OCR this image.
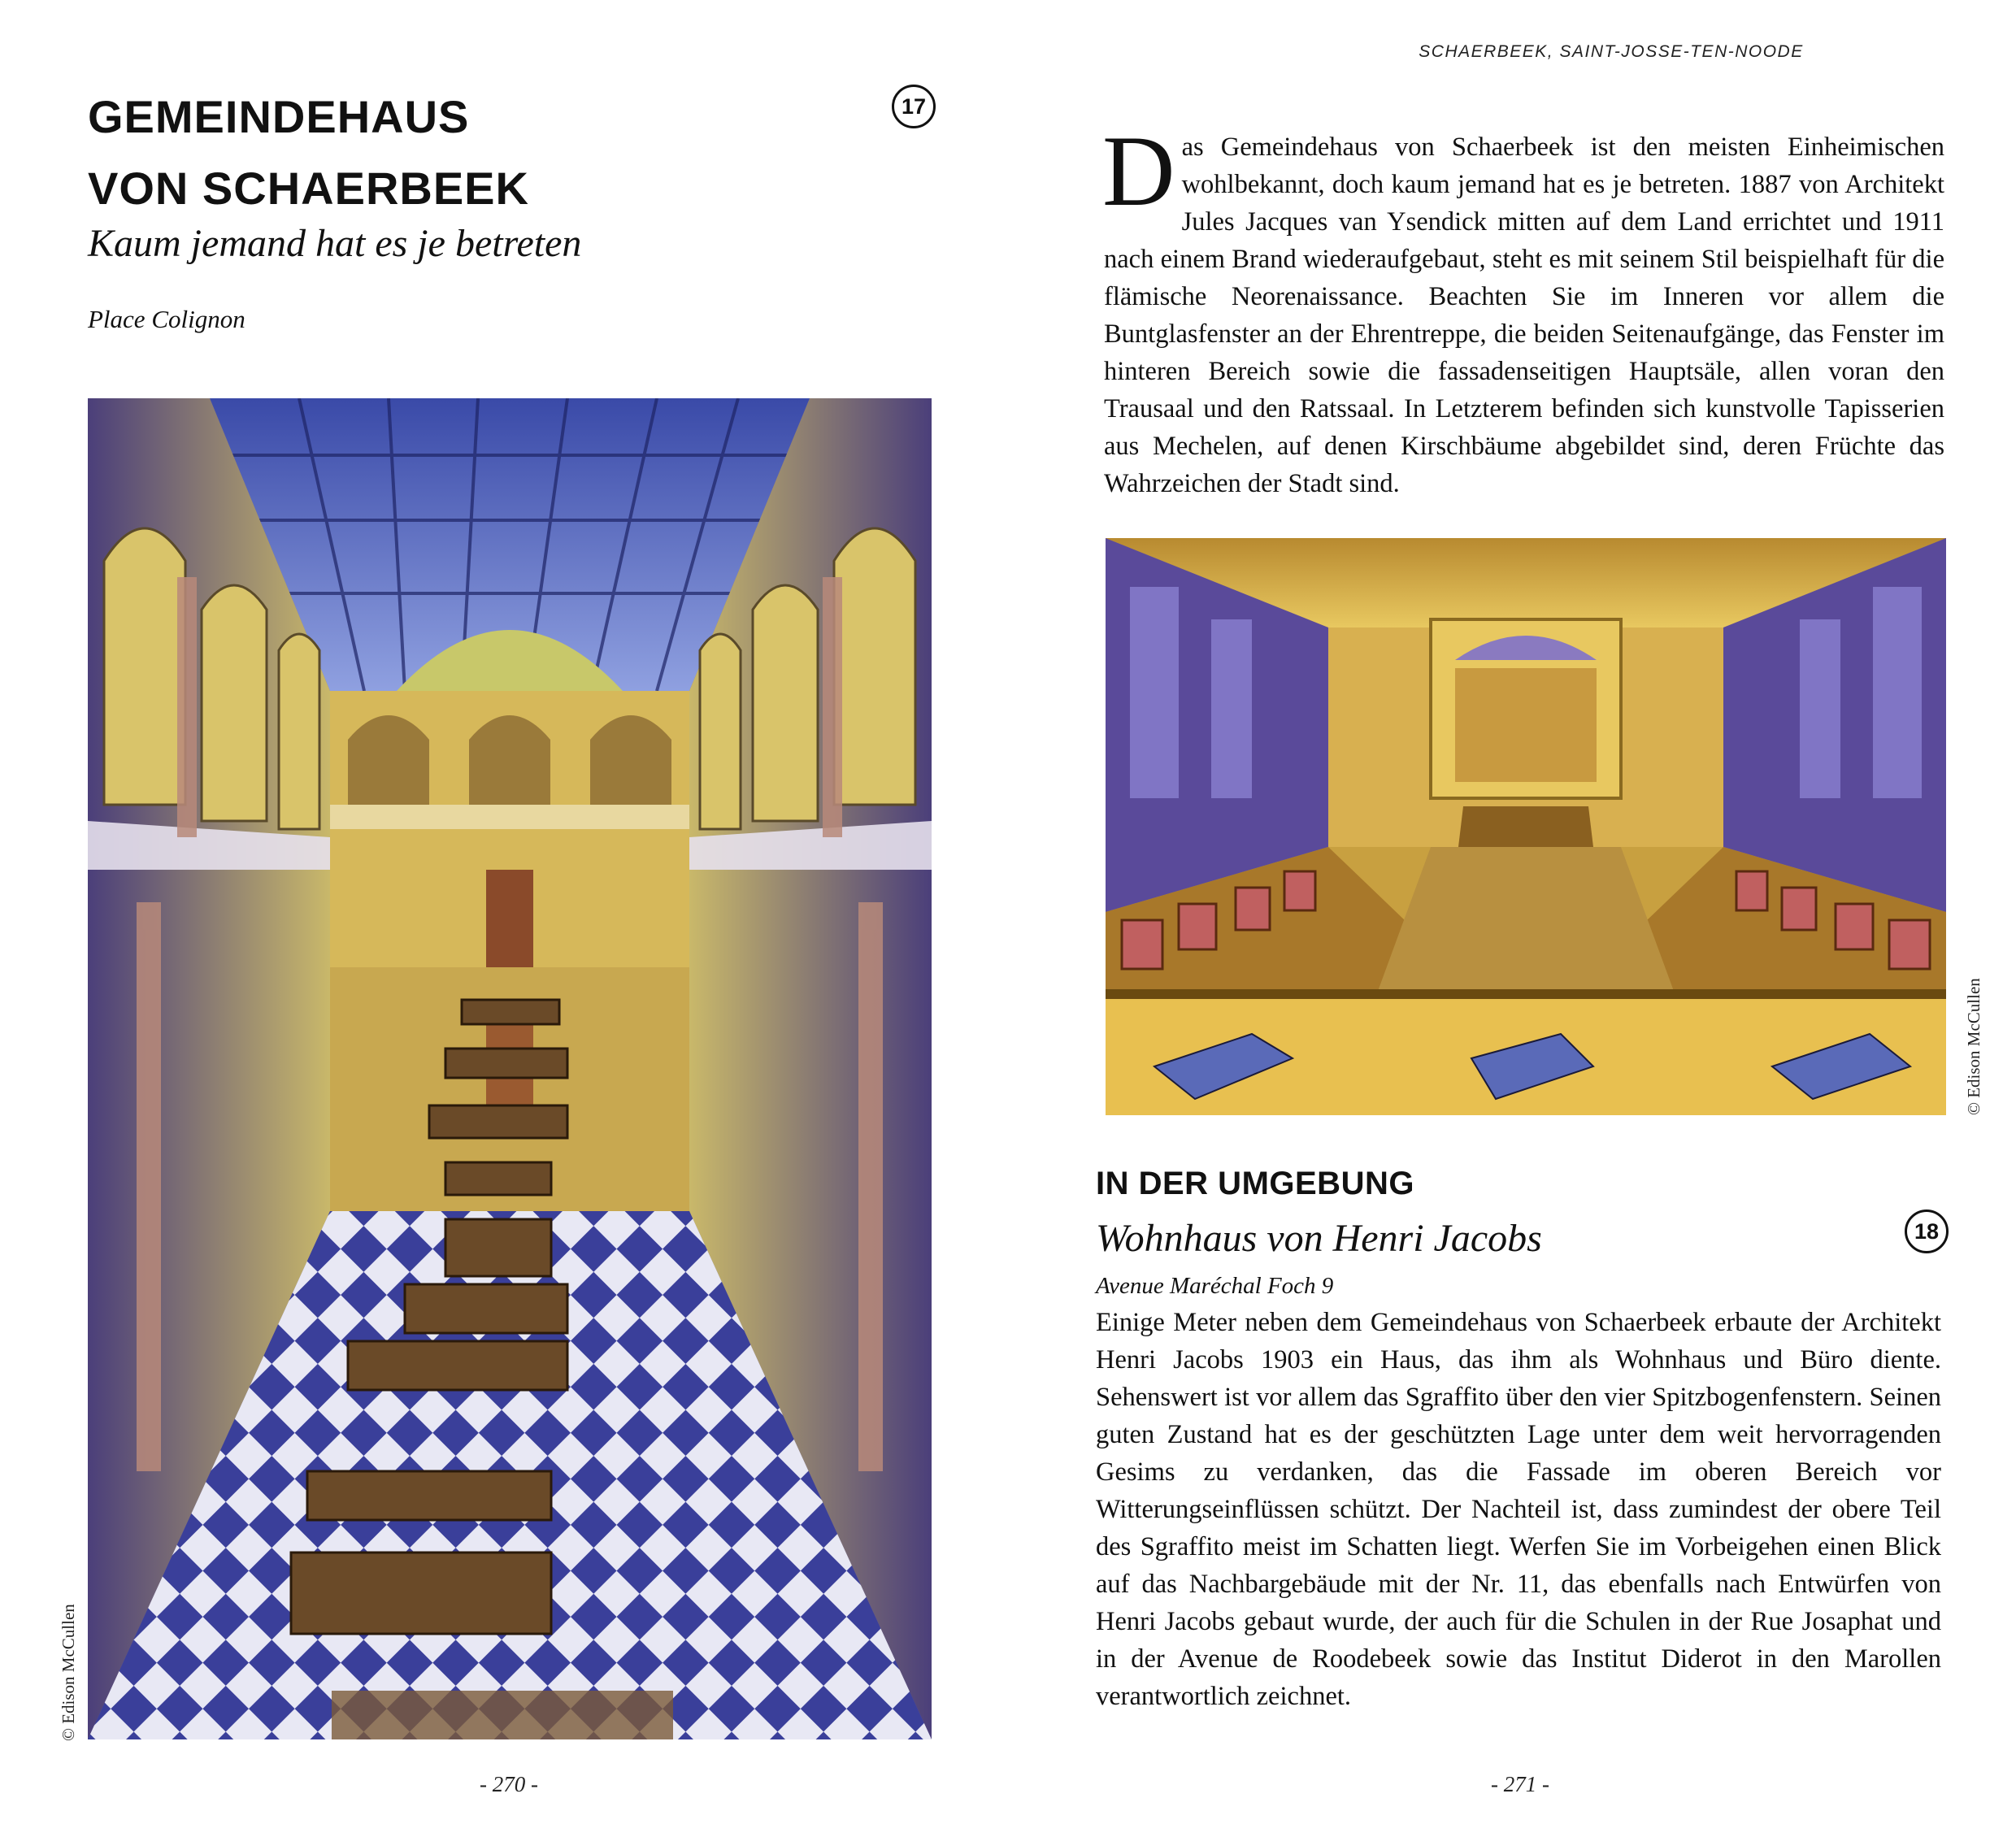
GEMEINDEHAUS
VON SCHAERBEEK
17
Kaum jemand hat es je betreten
Place Colignon
© Edison McCullen
- 270 -
SCHAERBEEK, SAINT-JOSSE-TEN-NOODE
Das Gemeindehaus von Schaerbeek ist den meisten Einheimischen wohlbekannt, doch kaum jemand hat es je betreten. 1887 von Architekt Jules Jacques van Ysendick mitten auf dem Land errichtet und 1911 nach einem Brand wiederaufgebaut, steht es mit seinem Stil beispielhaft für die flämische Neorenaissance. Beachten Sie im Inneren vor allem die Buntglasfenster an der Ehrentreppe, die beiden Seitenaufgänge, das Fenster im hinteren Bereich sowie die fassadenseitigen Hauptsäle, allen voran den Trausaal und den Ratssaal. In Letzterem befinden sich kunstvolle Tapisserien aus Mechelen, auf denen Kirschbäume abgebildet sind, deren Früchte das Wahrzeichen der Stadt sind.
© Edison McCullen
IN DER UMGEBUNG
Wohnhaus von Henri Jacobs	18
Avenue Maréchal Foch 9
Einige Meter neben dem Gemeindehaus von Schaerbeek erbaute der Architekt Henri Jacobs 1903 ein Haus, das ihm als Wohnhaus und Büro diente. Sehenswert ist vor allem das Sgraffito über den vier Spitzbogenfenstern. Seinen guten Zustand hat es der geschützten Lage unter dem weit hervorragenden Gesims zu verdanken, das die Fassade im oberen Bereich vor Witterungseinflüssen schützt. Der Nachteil ist, dass zumindest der obere Teil des Sgraffito meist im Schatten liegt. Werfen Sie im Vorbeigehen einen Blick auf das Nachbargebäude mit der Nr. 11, das ebenfalls nach Entwürfen von Henri Jacobs gebaut wurde, der auch für die Schulen in der Rue Josaphat und in der Avenue de Roodebeek sowie das Institut Diderot in den Marollen verantwortlich zeichnet.
- 271 -
